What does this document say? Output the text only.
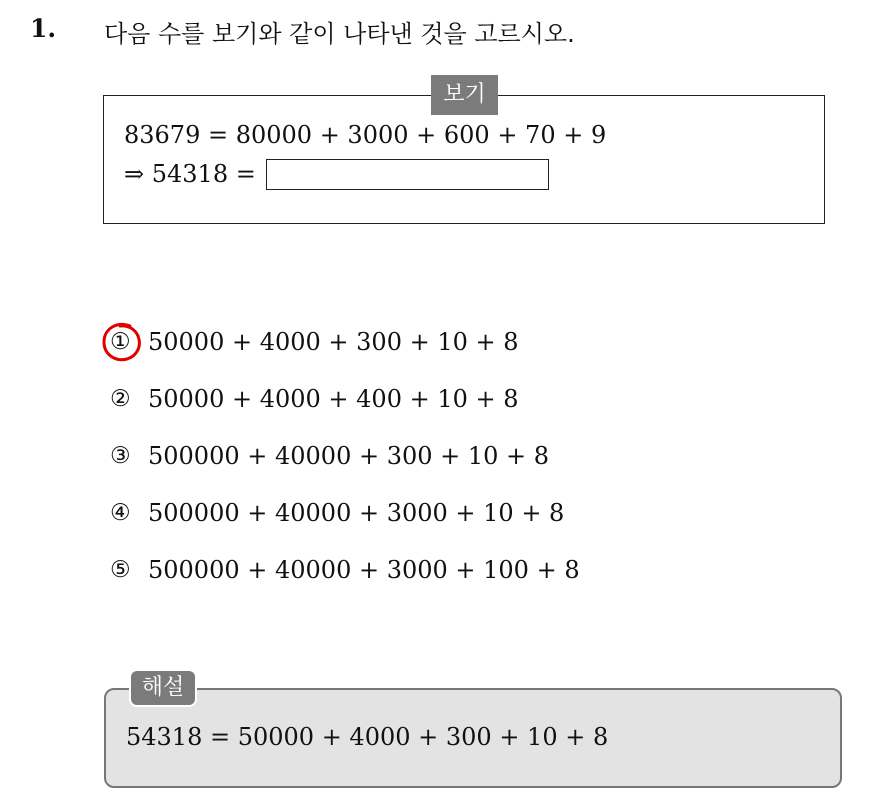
1. 다음 수를 보기와 같이 나타낸 것을 고르시오.
보기
83679 = 80000 + 3000 + 600 + 70 + 9
⇒ 54318 =
① 50000 + 4000 + 300 + 10 + 8
② 50000 + 4000 + 400 + 10 + 8
③ 500000 + 40000 + 300 + 10 + 8
④ 500000 + 40000 + 3000 + 10 + 8
⑤ 500000 + 40000 + 3000 + 100 + 8
해설
54318 = 50000 + 4000 + 300 + 10 + 8
